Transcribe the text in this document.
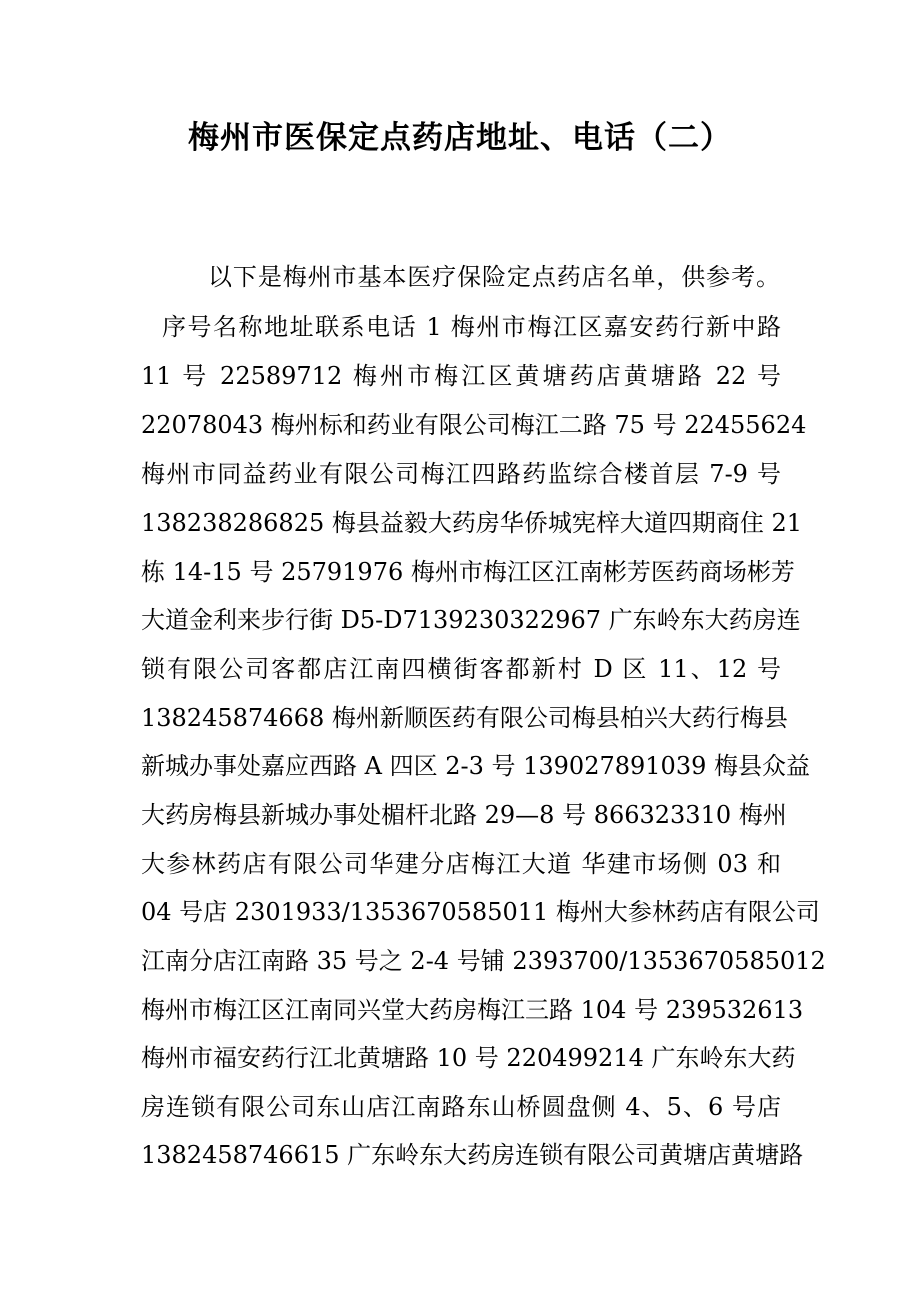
梅州市医保定点药店地址、电话（二）
以下是梅州市基本医疗保险定点药店名单，供参考。
序号名称地址联系电话 1 梅州市梅江区嘉安药行新中路
11 号 22589712 梅州市梅江区黄塘药店黄塘路 22 号
22078043 梅州标和药业有限公司梅江二路 75 号 22455624
梅州市同益药业有限公司梅江四路药监综合楼首层 7-9 号
138238286825 梅县益毅大药房华侨城宪梓大道四期商住 21
栋 14-15 号 25791976 梅州市梅江区江南彬芳医药商场彬芳
大道金利来步行街 D5-D7139230322967 广东岭东大药房连
锁有限公司客都店江南四横街客都新村 D 区 11、12 号
138245874668 梅州新顺医药有限公司梅县柏兴大药行梅县
新城办事处嘉应西路 A 四区 2-3 号 139027891039 梅县众益
大药房梅县新城办事处楣杆北路 29—8 号 866323310 梅州
大参林药店有限公司华建分店梅江大道 华建市场侧 03 和
04 号店 2301933/1353670585011 梅州大参林药店有限公司
江南分店江南路 35 号之 2-4 号铺 2393700/1353670585012
梅州市梅江区江南同兴堂大药房梅江三路 104 号 239532613
梅州市福安药行江北黄塘路 10 号 220499214 广东岭东大药
房连锁有限公司东山店江南路东山桥圆盘侧 4、5、6 号店
1382458746615 广东岭东大药房连锁有限公司黄塘店黄塘路
